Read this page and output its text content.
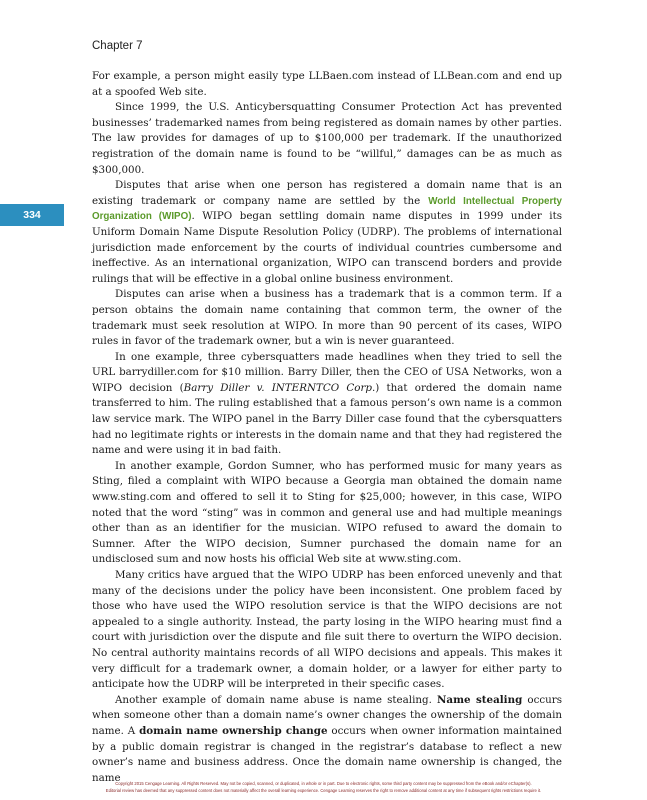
Chapter 7
334

For example, a person might easily type LLBaen.com instead of LLBean.com and end up at a spoofed Web site.

Since 1999, the U.S. Anticybersquatting Consumer Protection Act has prevented businesses’ trademarked names from being registered as domain names by other parties. The law provides for damages of up to $100,000 per trademark. If the unauthorized registration of the domain name is found to be “willful,” damages can be as much as $300,000.

Disputes that arise when one person has registered a domain name that is an existing trademark or company name are settled by the World Intellectual Property Organization (WIPO). WIPO began settling domain name disputes in 1999 under its Uniform Domain Name Dispute Resolution Policy (UDRP). The problems of international jurisdiction made enforcement by the courts of individual countries cumbersome and ineffective. As an international organization, WIPO can transcend borders and provide rulings that will be effective in a global online business environment.

Disputes can arise when a business has a trademark that is a common term. If a person obtains the domain name containing that common term, the owner of the trademark must seek resolution at WIPO. In more than 90 percent of its cases, WIPO rules in favor of the trademark owner, but a win is never guaranteed.

In one example, three cybersquatters made headlines when they tried to sell the URL barrydiller.com for $10 million. Barry Diller, then the CEO of USA Networks, won a WIPO decision (Barry Diller v. INTERNTCO Corp.) that ordered the domain name transferred to him. The ruling established that a famous person’s own name is a common law service mark. The WIPO panel in the Barry Diller case found that the cybersquatters had no legitimate rights or interests in the domain name and that they had registered the name and were using it in bad faith.

In another example, Gordon Sumner, who has performed music for many years as Sting, filed a complaint with WIPO because a Georgia man obtained the domain name www.sting.com and offered to sell it to Sting for $25,000; however, in this case, WIPO noted that the word “sting” was in common and general use and had multiple meanings other than as an identifier for the musician. WIPO refused to award the domain to Sumner. After the WIPO decision, Sumner purchased the domain name for an undisclosed sum and now hosts his official Web site at www.sting.com.

Many critics have argued that the WIPO UDRP has been enforced unevenly and that many of the decisions under the policy have been inconsistent. One problem faced by those who have used the WIPO resolution service is that the WIPO decisions are not appealed to a single authority. Instead, the party losing in the WIPO hearing must find a court with jurisdiction over the dispute and file suit there to overturn the WIPO decision. No central authority maintains records of all WIPO decisions and appeals. This makes it very difficult for a trademark owner, a domain holder, or a lawyer for either party to anticipate how the UDRP will be interpreted in their specific cases.

Another example of domain name abuse is name stealing. Name stealing occurs when someone other than a domain name’s owner changes the ownership of the domain name. A domain name ownership change occurs when owner information maintained by a public domain registrar is changed in the registrar’s database to reflect a new owner’s name and business address. Once the domain name ownership is changed, the name

Copyright 2015 Cengage Learning. All Rights Reserved. May not be copied, scanned, or duplicated, in whole or in part. Due to electronic rights, some third party content may be suppressed from the eBook and/or eChapter(s).
Editorial review has deemed that any suppressed content does not materially affect the overall learning experience. Cengage Learning reserves the right to remove additional content at any time if subsequent rights restrictions require it.
